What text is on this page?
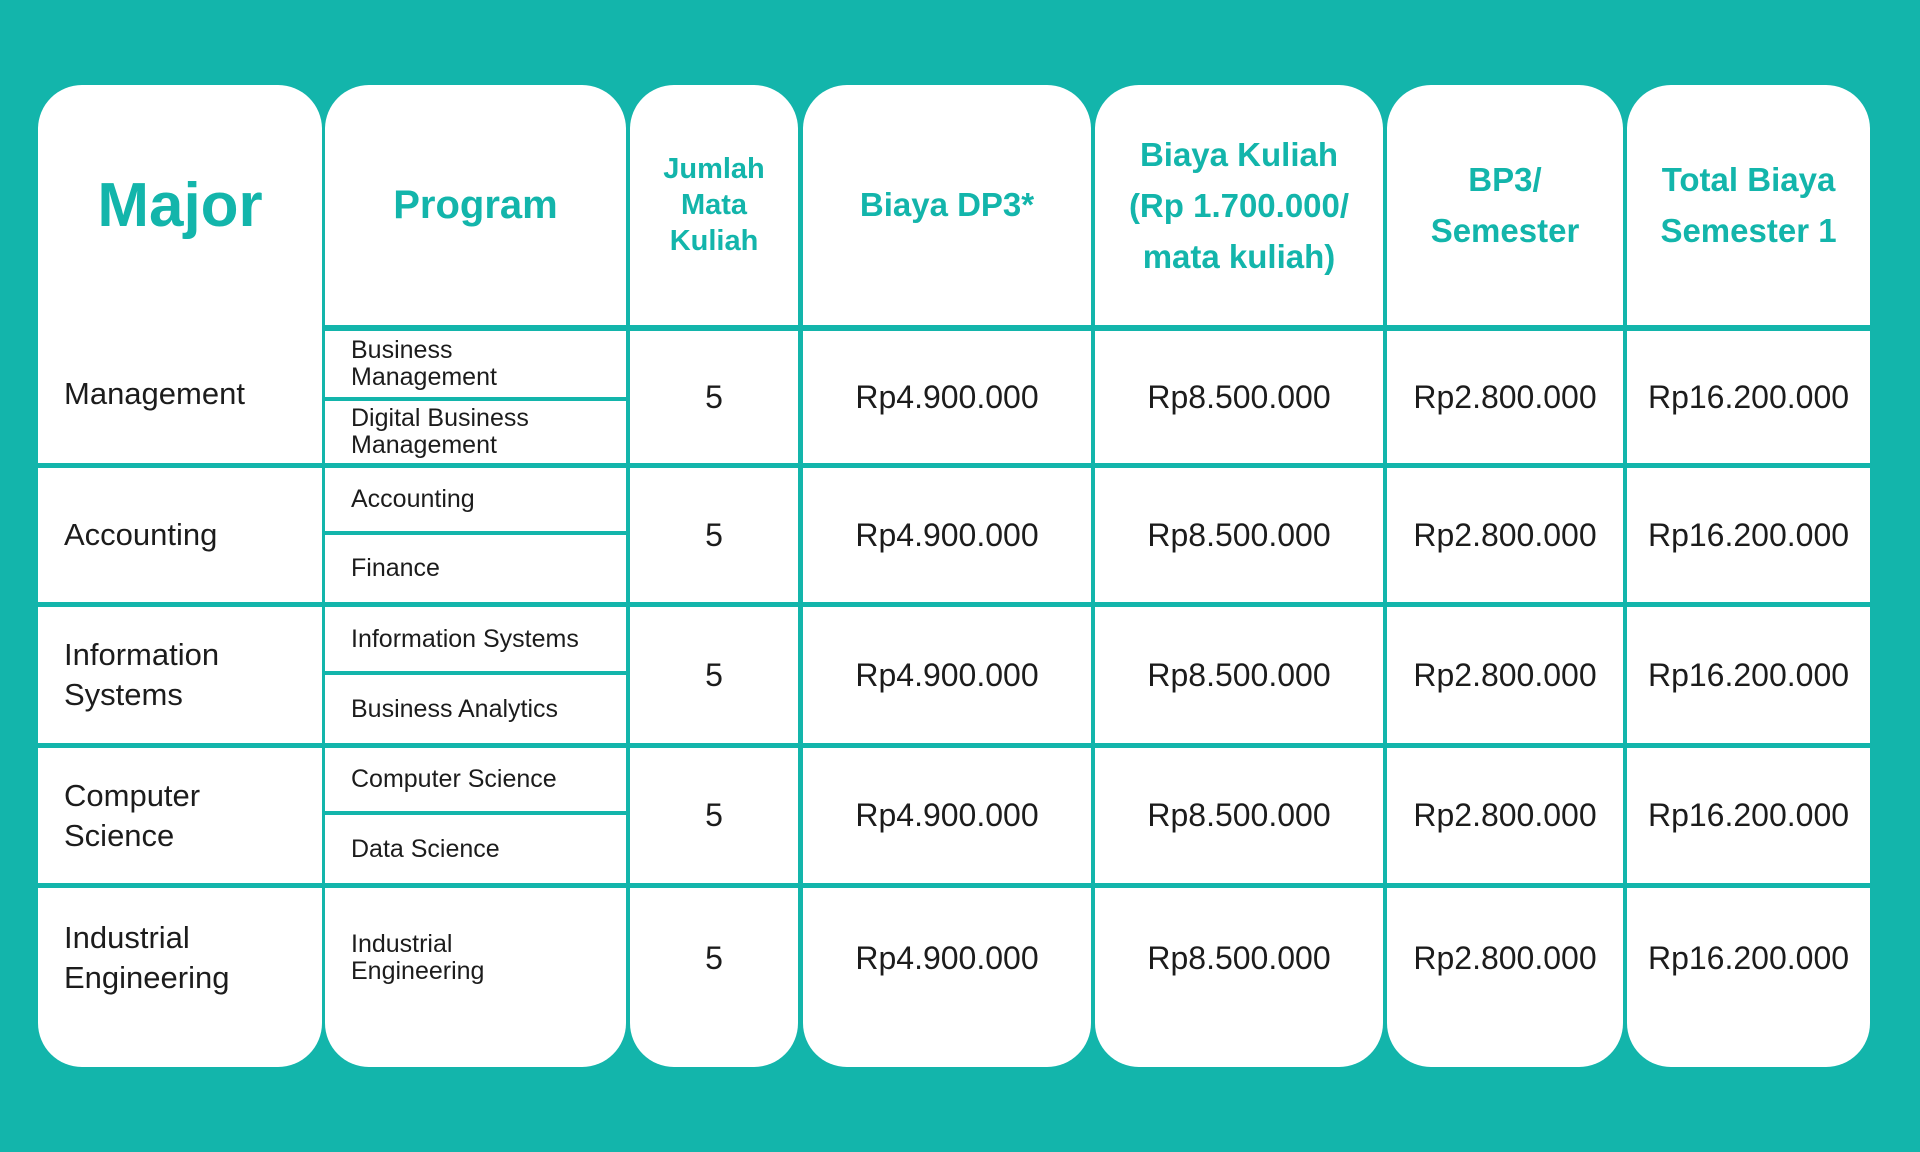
Major
Management
Accounting
Information
Systems
Computer
Science
Industrial
Engineering
Program
Business
Management
Digital Business
Management
Accounting
Finance
Information Systems
Business Analytics
Computer Science
Data Science
Industrial
Engineering
Jumlah
Mata
Kuliah
5
5
5
5
5
Biaya DP3*
Rp4.900.000
Rp4.900.000
Rp4.900.000
Rp4.900.000
Rp4.900.000
Biaya Kuliah
(Rp 1.700.000/
mata kuliah)
Rp8.500.000
Rp8.500.000
Rp8.500.000
Rp8.500.000
Rp8.500.000
BP3/
Semester
Rp2.800.000
Rp2.800.000
Rp2.800.000
Rp2.800.000
Rp2.800.000
Total Biaya
Semester 1
Rp16.200.000
Rp16.200.000
Rp16.200.000
Rp16.200.000
Rp16.200.000
